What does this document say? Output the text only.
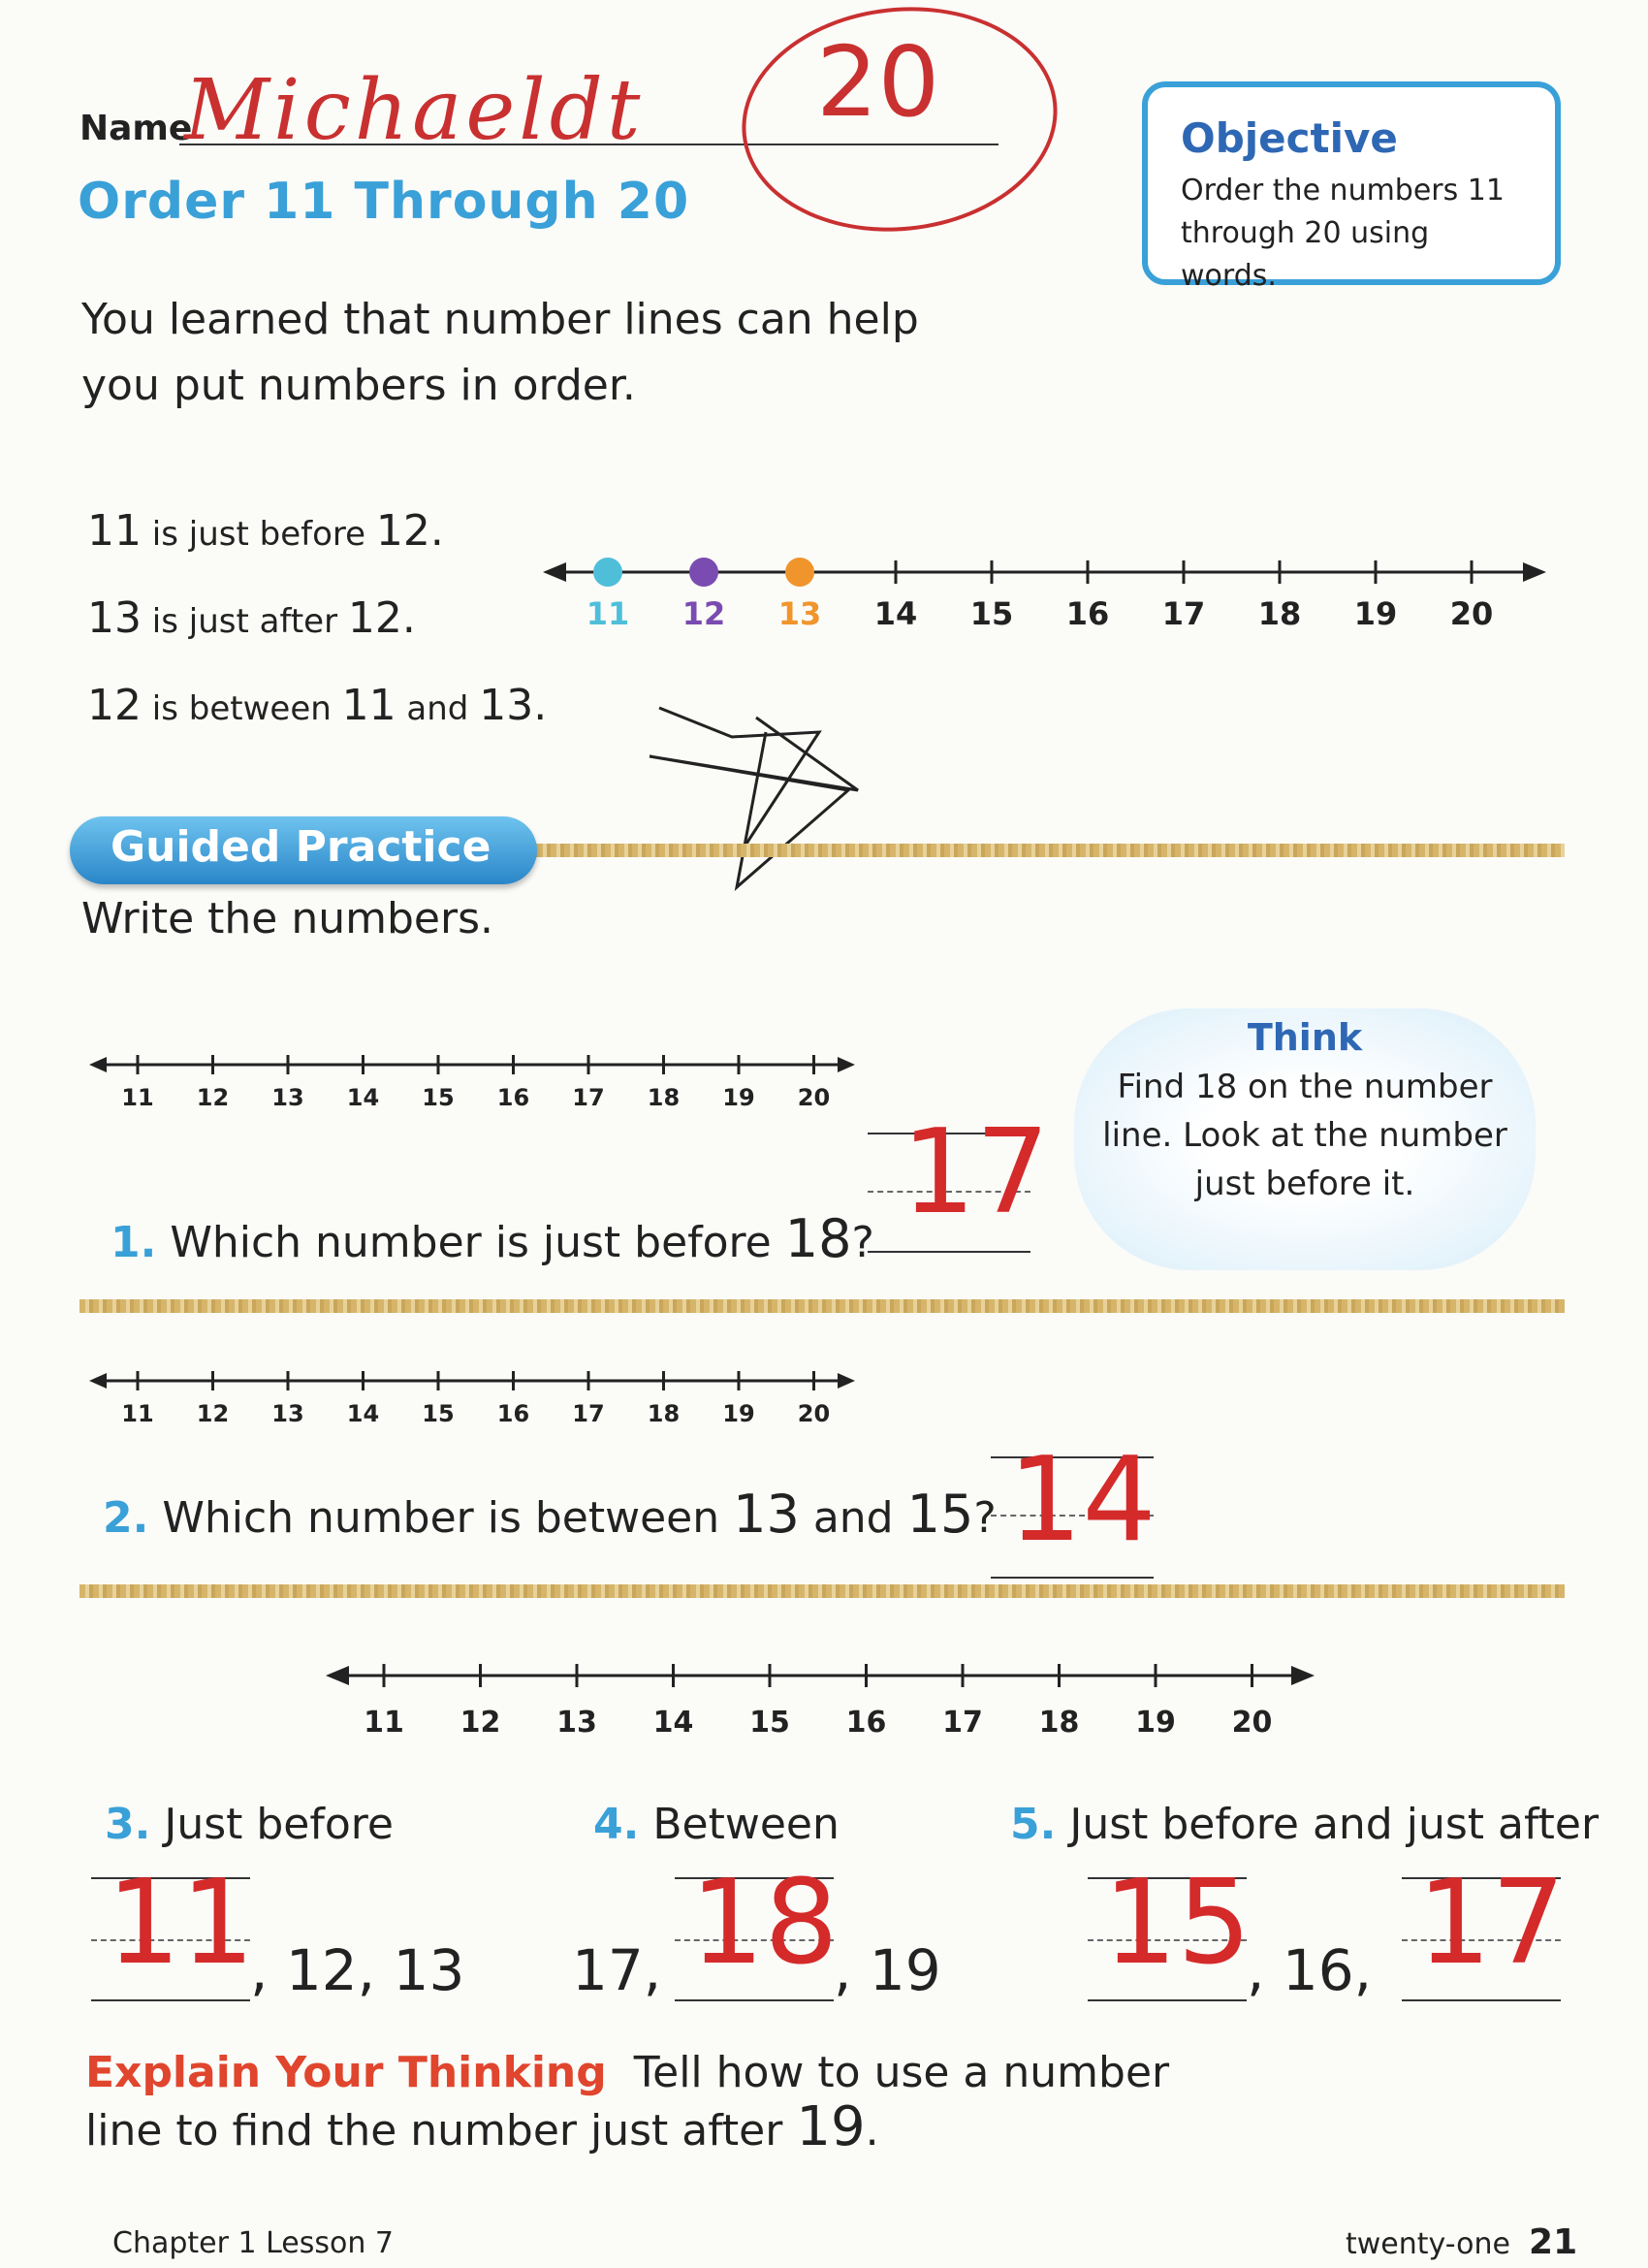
Name
Michaeldt 20
Order 11 Through 20
Objective
Order the numbers 11 through 20 using words.
You learned that number lines can help you put numbers in order.
11 is just before 12.
13 is just after 12.
12 is between 11 and 13.
11 12 13 14 15 16 17 18 19 20
Guided Practice
Write the numbers.
Think
Find 18 on the number line. Look at the number just before it.
11 12 13 14 15 16 17 18 19 20
1. Which number is just before 18?
17
11 12 13 14 15 16 17 18 19 20
2. Which number is between 13 and 15? 14
11 12 13 14 15 16 17 18 19 20
3. Just before	4. Between	5. Just before and just after
11
, 12, 13 17, 18
, 19 15
, 16, 17
Explain Your Thinking Tell how to use a number line to find the number just after 19.
Chapter 1 Lesson 7	twenty-one 21
